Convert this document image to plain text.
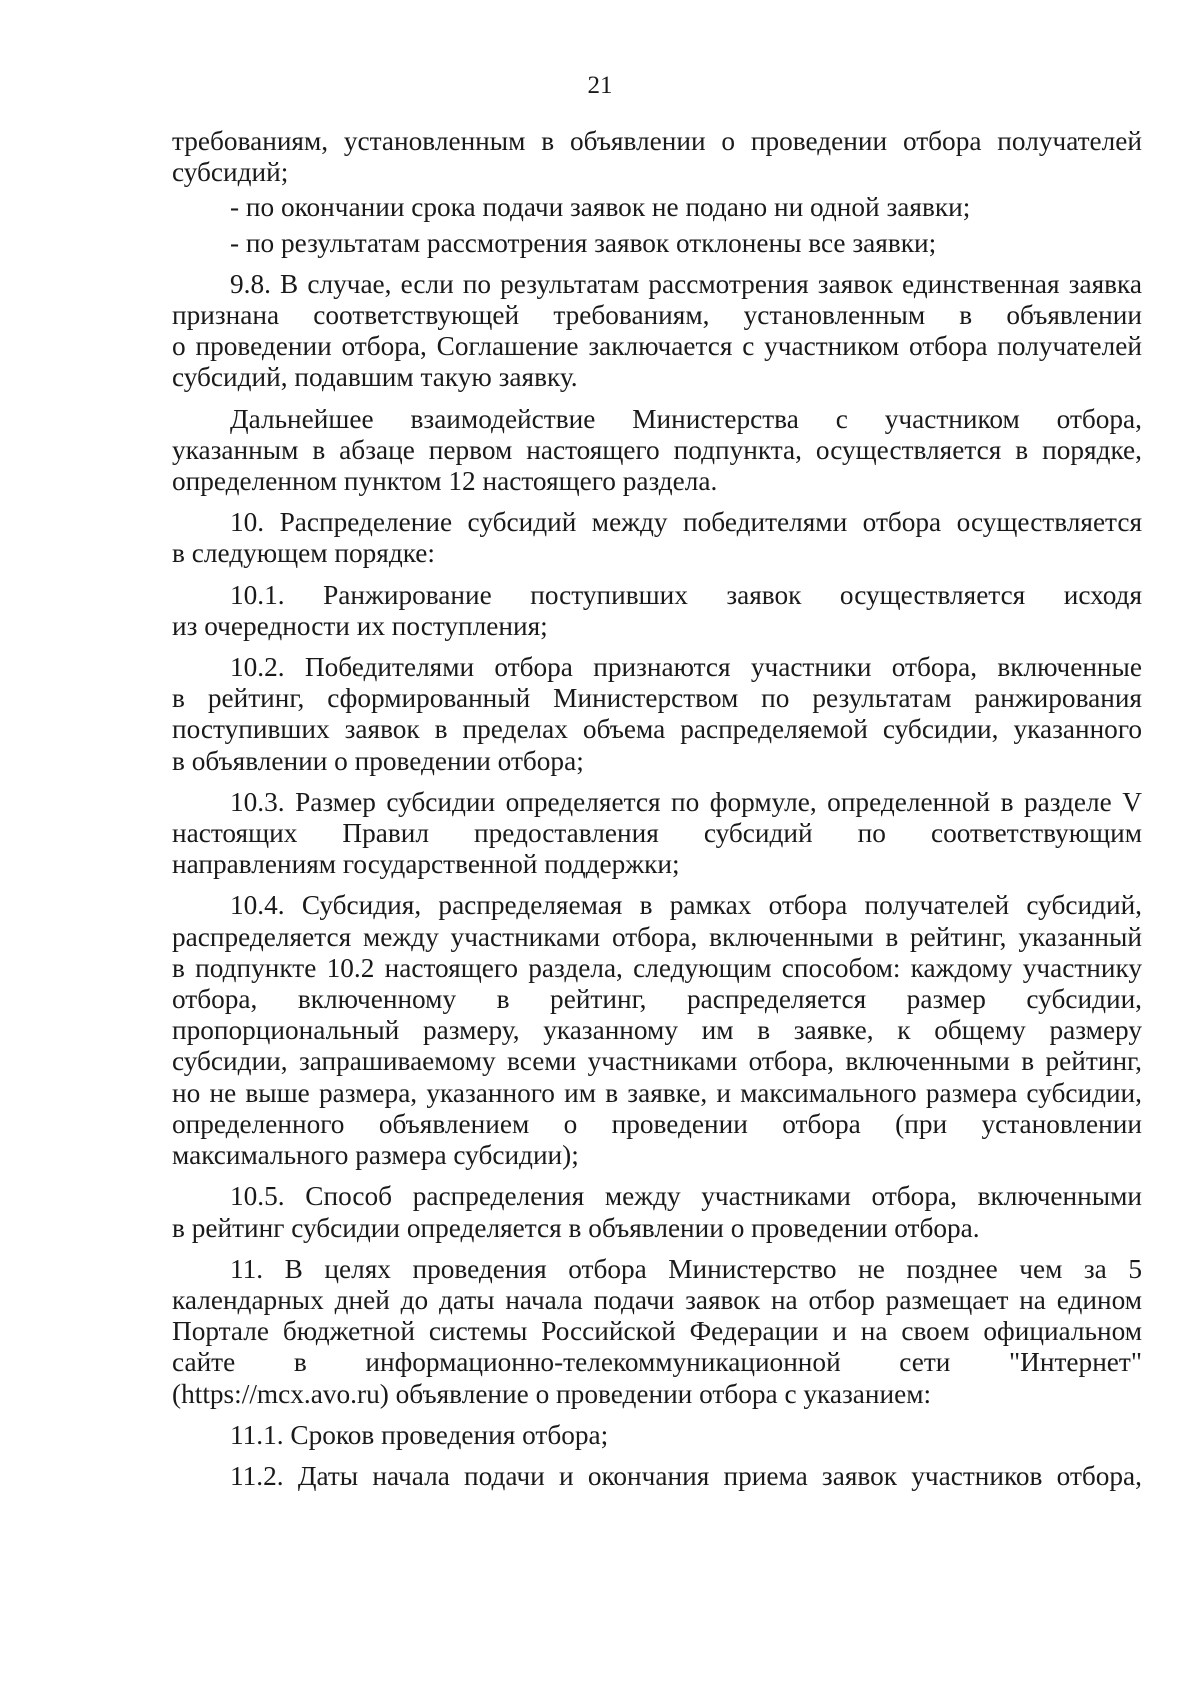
21
требованиям, установленным в объявлении о проведении отбора получателей
субсидий;
- по окончании срока подачи заявок не подано ни одной заявки;
- по результатам рассмотрения заявок отклонены все заявки;
9.8. В случае, если по результатам рассмотрения заявок единственная заявка
признана соответствующей требованиям, установленным в объявлении
о проведении отбора, Соглашение заключается с участником отбора получателей
субсидий, подавшим такую заявку.
Дальнейшее взаимодействие Министерства с участником отбора,
указанным в абзаце первом настоящего подпункта, осуществляется в порядке,
определенном пунктом 12 настоящего раздела.
10. Распределение субсидий между победителями отбора осуществляется
в следующем порядке:
10.1. Ранжирование поступивших заявок осуществляется исходя
из очередности их поступления;
10.2. Победителями отбора признаются участники отбора, включенные
в рейтинг, сформированный Министерством по результатам ранжирования
поступивших заявок в пределах объема распределяемой субсидии, указанного
в объявлении о проведении отбора;
10.3. Размер субсидии определяется по формуле, определенной в разделе V
настоящих Правил предоставления субсидий по соответствующим
направлениям государственной поддержки;
10.4. Субсидия, распределяемая в рамках отбора получателей субсидий,
распределяется между участниками отбора, включенными в рейтинг, указанный
в подпункте 10.2 настоящего раздела, следующим способом: каждому участнику
отбора, включенному в рейтинг, распределяется размер субсидии,
пропорциональный размеру, указанному им в заявке, к общему размеру
субсидии, запрашиваемому всеми участниками отбора, включенными в рейтинг,
но не выше размера, указанного им в заявке, и максимального размера субсидии,
определенного объявлением о проведении отбора (при установлении
максимального размера субсидии);
10.5. Способ распределения между участниками отбора, включенными
в рейтинг субсидии определяется в объявлении о проведении отбора.
11. В целях проведения отбора Министерство не позднее чем за 5
календарных дней до даты начала подачи заявок на отбор размещает на едином
Портале бюджетной системы Российской Федерации и на своем официальном
сайте в информационно-телекоммуникационной сети "Интернет"
(https://mcx.avo.ru) объявление о проведении отбора с указанием:
11.1. Сроков проведения отбора;
11.2. Даты начала подачи и окончания приема заявок участников отбора,
